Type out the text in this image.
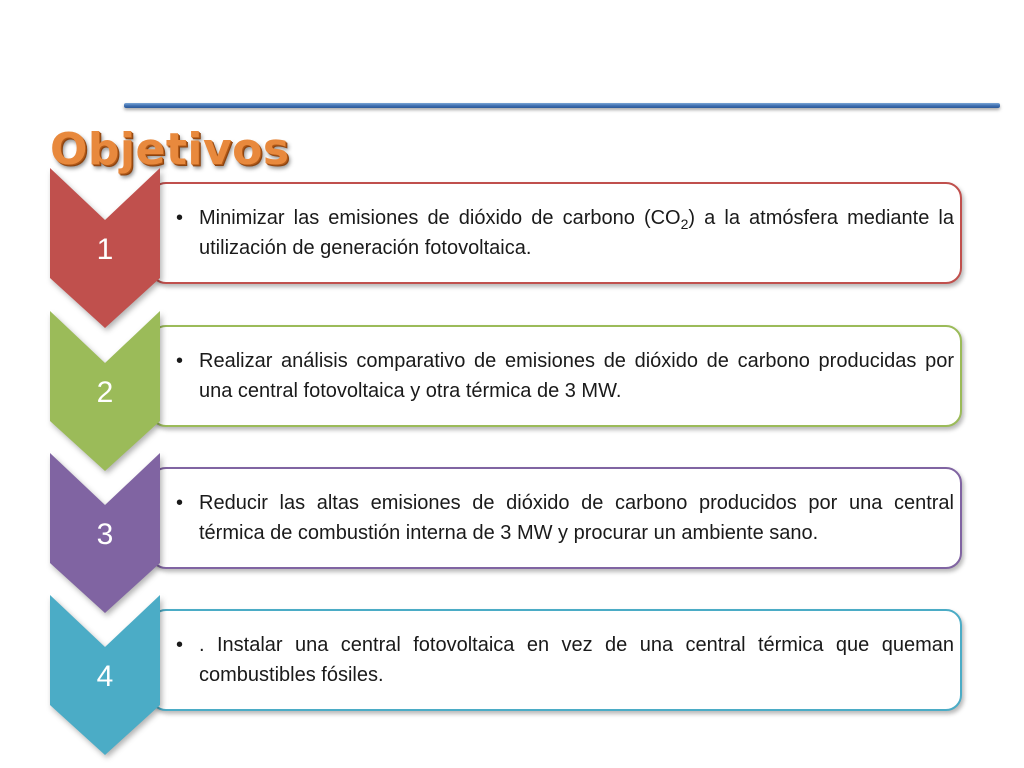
Objetivos
• Minimizar las emisiones de dióxido de carbono $(CO_2)$ a la atmósfera mediante la utilización de generación fotovoltaica.
1
• Realizar análisis comparativo de emisiones de dióxido de carbono producidas por una central fotovoltaica y otra térmica de 3 MW.
2
• Reducir las altas emisiones de dióxido de carbono producidos por una central térmica de combustión interna de 3 MW y procurar un ambiente sano.
3
• . Instalar una central fotovoltaica en vez de una central térmica que queman combustibles fósiles.
4
